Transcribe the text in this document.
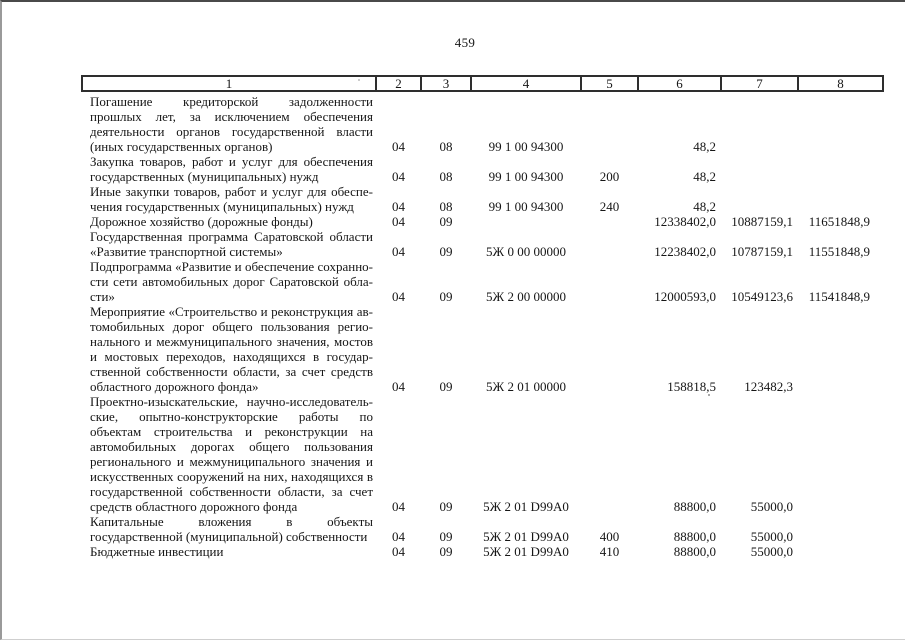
459
1	2	3	4	5	6	7	8
Погашение кредиторской задолженности прошлых лет, за исключением обеспечения деятельности органов государственной власти (иных государственных органов)	04	08	99 1 00 94300		48,2		
Закупка товаров, работ и услуг для обеспечения государственных (муниципальных) нужд	04	08	99 1 00 94300	200	48,2		
Иные закупки товаров, работ и услуг для обеспечения государственных (муниципальных) нужд	04	08	99 1 00 94300	240	48,2		
Дорожное хозяйство (дорожные фонды)	04	09			12338402,0	10887159,1	11651848,9
Государственная программа Саратовской области «Развитие транспортной системы»	04	09	5Ж 0 00 00000		12238402,0	10787159,1	11551848,9
Подпрограмма «Развитие и обеспечение сохранности сети автомобильных дорог Саратовской области»	04	09	5Ж 2 00 00000		12000593,0	10549123,6	11541848,9
Мероприятие «Строительство и реконструкция автомобильных дорог общего пользования регионального и межмуниципального значения, мостов и мостовых переходов, находящихся в государственной собственности области, за счет средств областного дорожного фонда»	04	09	5Ж 2 01 00000		158818,5	123482,3	
Проектно-изыскательские, научно-исследовательские, опытно-конструкторские работы по объектам строительства и реконструкции на автомобильных дорогах общего пользования регионального и межмуниципального значения и искусственных сооружений на них, находящихся в государственной собственности области, за счет средств областного дорожного фонда	04	09	5Ж 2 01 D99A0		88800,0	55000,0	
Капитальные вложения в объекты государственной (муниципальной) собственности	04	09	5Ж 2 01 D99A0	400	88800,0	55000,0	
Бюджетные инвестиции	04	09	5Ж 2 01 D99A0	410	88800,0	55000,0	
